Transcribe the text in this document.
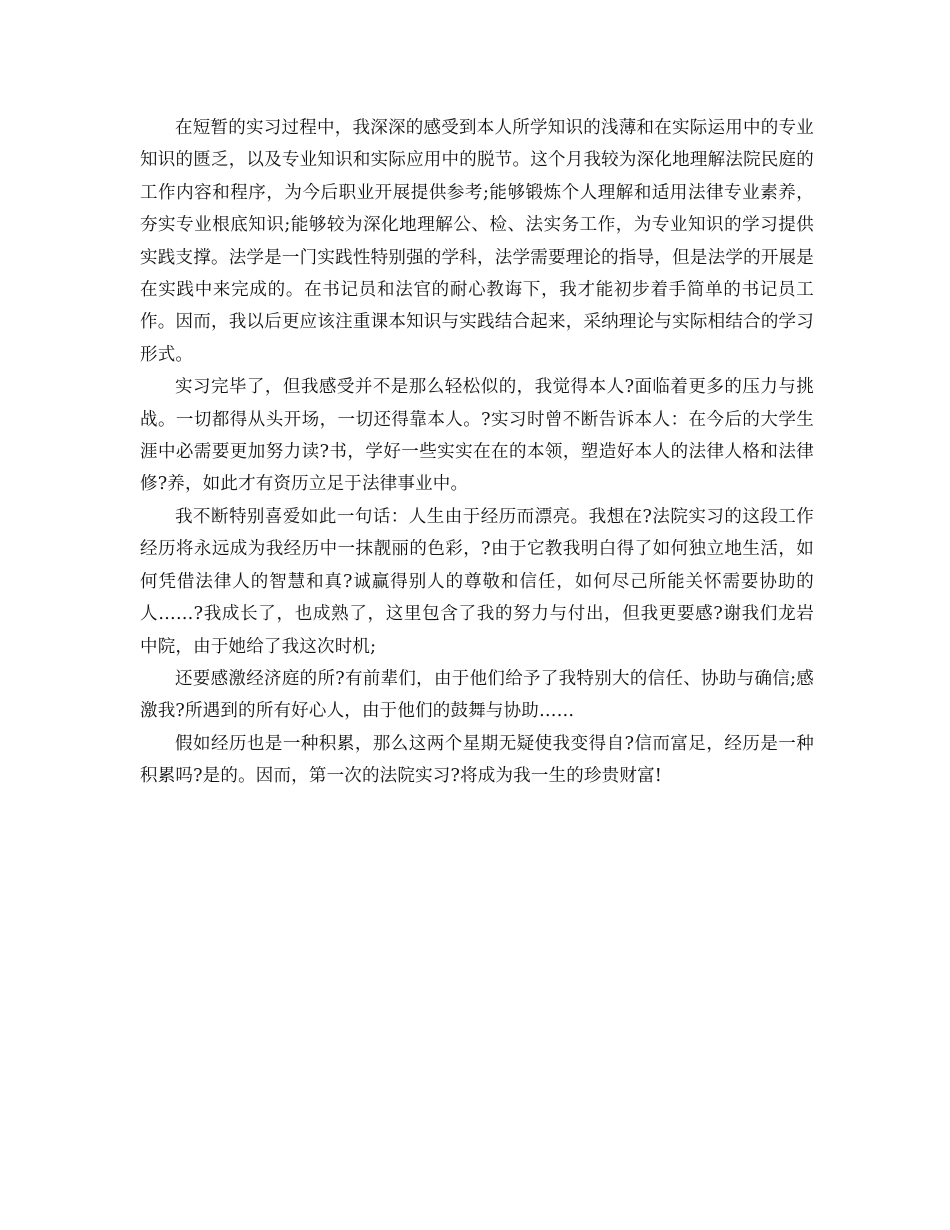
在短暂的实习过程中，我深深的感受到本人所学知识的浅薄和在实际运用中的专业知识的匮乏，以及专业知识和实际应用中的脱节。这个月我较为深化地理解法院民庭的工作内容和程序，为今后职业开展提供参考;能够锻炼个人理解和适用法律专业素养，夯实专业根底知识;能够较为深化地理解公、检、法实务工作，为专业知识的学习提供实践支撑。法学是一门实践性特别强的学科，法学需要理论的指导，但是法学的开展是在实践中来完成的。在书记员和法官的耐心教诲下，我才能初步着手简单的书记员工作。因而，我以后更应该注重课本知识与实践结合起来，采纳理论与实际相结合的学习形式。

实习完毕了，但我感受并不是那么轻松似的，我觉得本人?面临着更多的压力与挑战。一切都得从头开场，一切还得靠本人。?实习时曾不断告诉本人：在今后的大学生涯中必需要更加努力读?书，学好一些实实在在的本领，塑造好本人的法律人格和法律修?养，如此才有资历立足于法律事业中。

我不断特别喜爱如此一句话：人生由于经历而漂亮。我想在?法院实习的这段工作经历将永远成为我经历中一抹靓丽的色彩，?由于它教我明白得了如何独立地生活，如何凭借法律人的智慧和真?诚赢得别人的尊敬和信任，如何尽己所能关怀需要协助的人……?我成长了，也成熟了，这里包含了我的努力与付出，但我更要感?谢我们龙岩中院，由于她给了我这次时机;

还要感激经济庭的所?有前辈们，由于他们给予了我特别大的信任、协助与确信;感激我?所遇到的所有好心人，由于他们的鼓舞与协助……

假如经历也是一种积累，那么这两个星期无疑使我变得自?信而富足，经历是一种积累吗?是的。因而，第一次的法院实习?将成为我一生的珍贵财富!
